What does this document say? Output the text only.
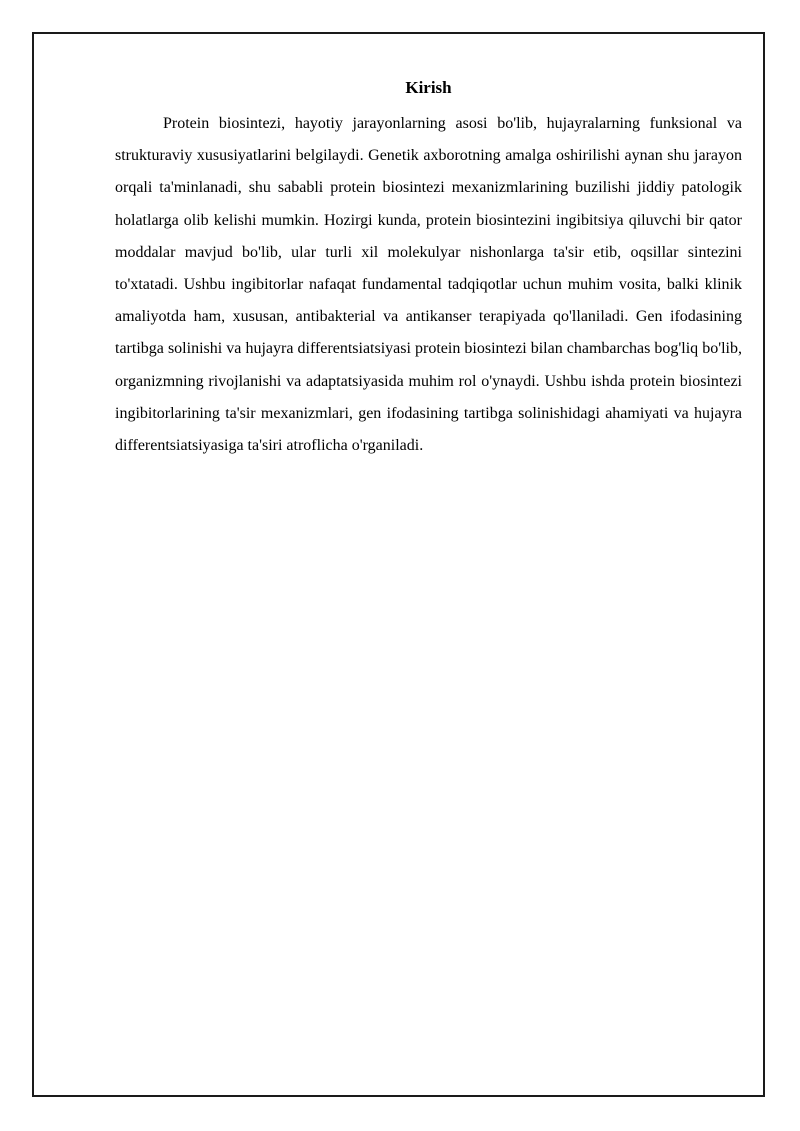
Kirish

Protein biosintezi, hayotiy jarayonlarning asosi bo'lib, hujayralarning funksional va strukturaviy xususiyatlarini belgilaydi. Genetik axborotning amalga oshirilishi aynan shu jarayon orqali ta'minlanadi, shu sababli protein biosintezi mexanizmlarining buzilishi jiddiy patologik holatlarga olib kelishi mumkin. Hozirgi kunda, protein biosintezini ingibitsiya qiluvchi bir qator moddalar mavjud bo'lib, ular turli xil molekulyar nishonlarga ta'sir etib, oqsillar sintezini to'xtatadi. Ushbu ingibitorlar nafaqat fundamental tadqiqotlar uchun muhim vosita, balki klinik amaliyotda ham, xususan, antibakterial va antikanser terapiyada qo'llaniladi. Gen ifodasining tartibga solinishi va hujayra differentsiatsiyasi protein biosintezi bilan chambarchas bog'liq bo'lib, organizmning rivojlanishi va adaptatsiyasida muhim rol o'ynaydi. Ushbu ishda protein biosintezi ingibitorlarining ta'sir mexanizmlari, gen ifodasining tartibga solinishidagi ahamiyati va hujayra differentsiatsiyasiga ta'siri atroflicha o'rganiladi.
